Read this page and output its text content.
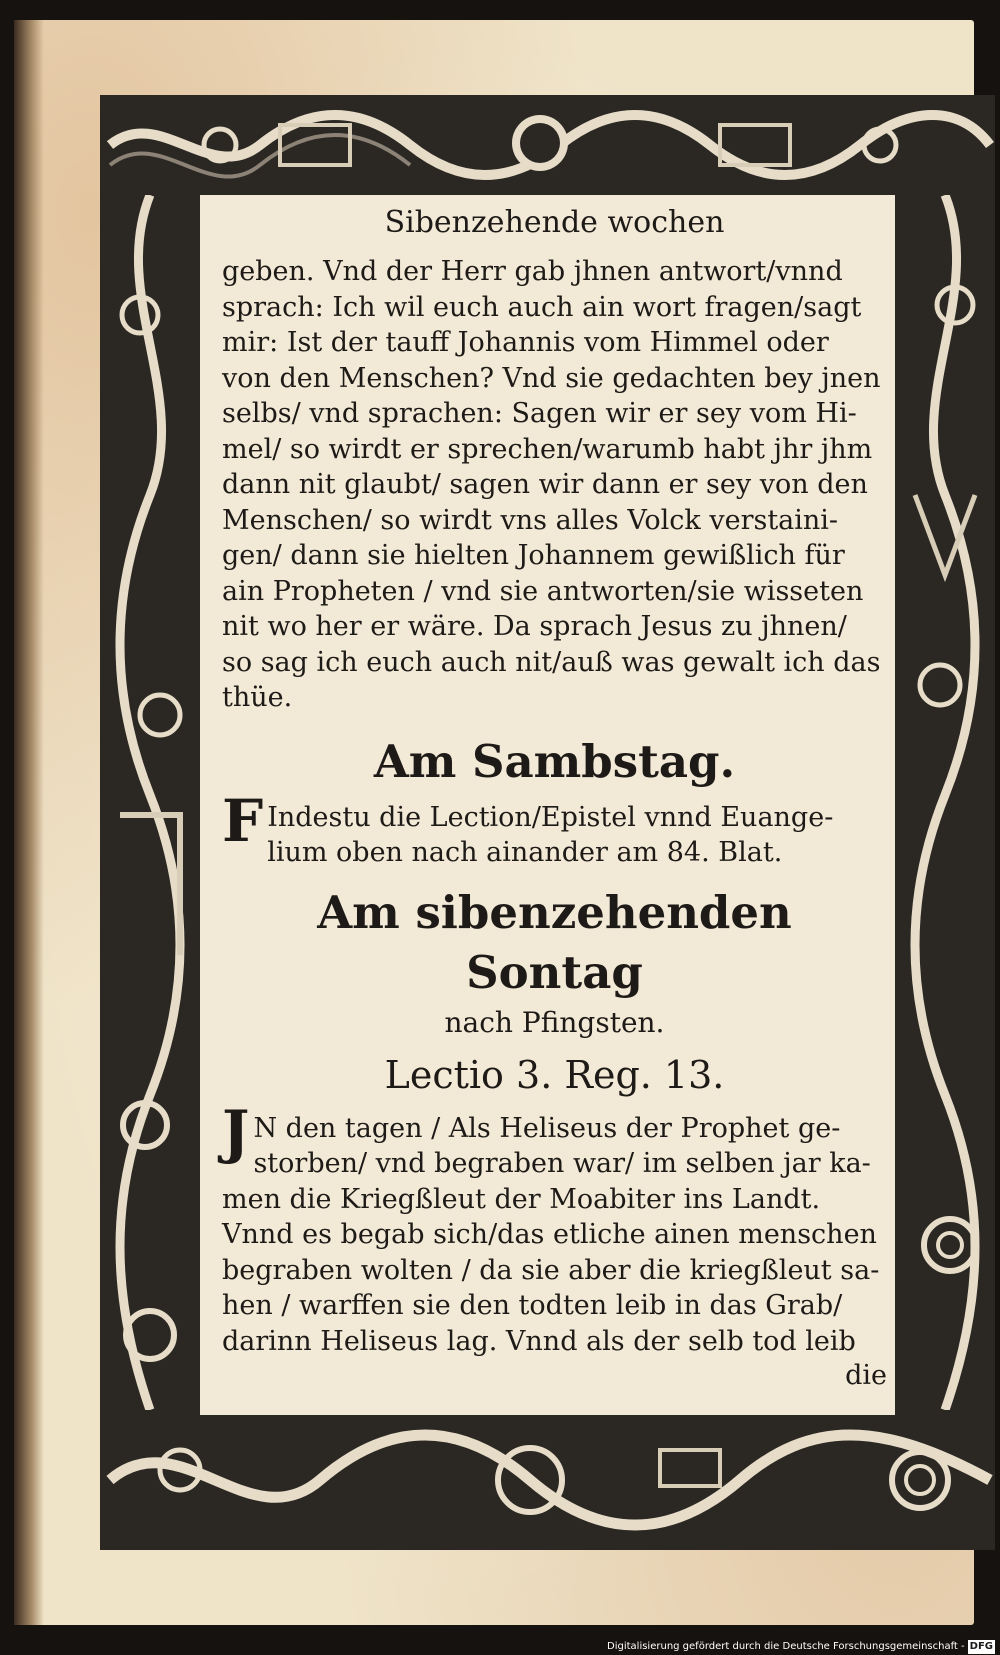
Sibenzehende wochen
geben. Vnd der Herr gab jhnen antwort/vnnd
sprach: Ich wil euch auch ain wort fragen/sagt
mir: Ist der tauff Johannis vom Himmel oder
von den Menschen? Vnd sie gedachten bey jnen
selbs/ vnd sprachen: Sagen wir er sey vom Hi-
mel/ so wirdt er sprechen/warumb habt jhr jhm
dann nit glaubt/ sagen wir dann er sey von den
Menschen/ so wirdt vns alles Volck verstaini-
gen/ dann sie hielten Johannem gewißlich für
ain Propheten / vnd sie antworten/sie wisseten
nit wo her er wäre. Da sprach Jesus zu jhnen/
so sag ich euch auch nit/auß was gewalt ich das
thüe.
Am Sambstag.
F Indestu die Lection/Epistel vnnd Euange-
lium oben nach ainander am 84. Blat.
Am sibenzehenden Sontag
nach Pfingsten.
Lectio 3. Reg. 13.
J N den tagen / Als Heliseus der Prophet ge-
storben/ vnd begraben war/ im selben jar ka-
men die Kriegßleut der Moabiter ins Landt.
Vnnd es begab sich/das etliche ainen menschen
begraben wolten / da sie aber die kriegßleut sa-
hen / warffen sie den todten leib in das Grab/
darinn Heliseus lag. Vnnd als der selb tod leib
die
Digitalisierung gefördert durch die Deutsche Forschungsgemeinschaft - DFG
